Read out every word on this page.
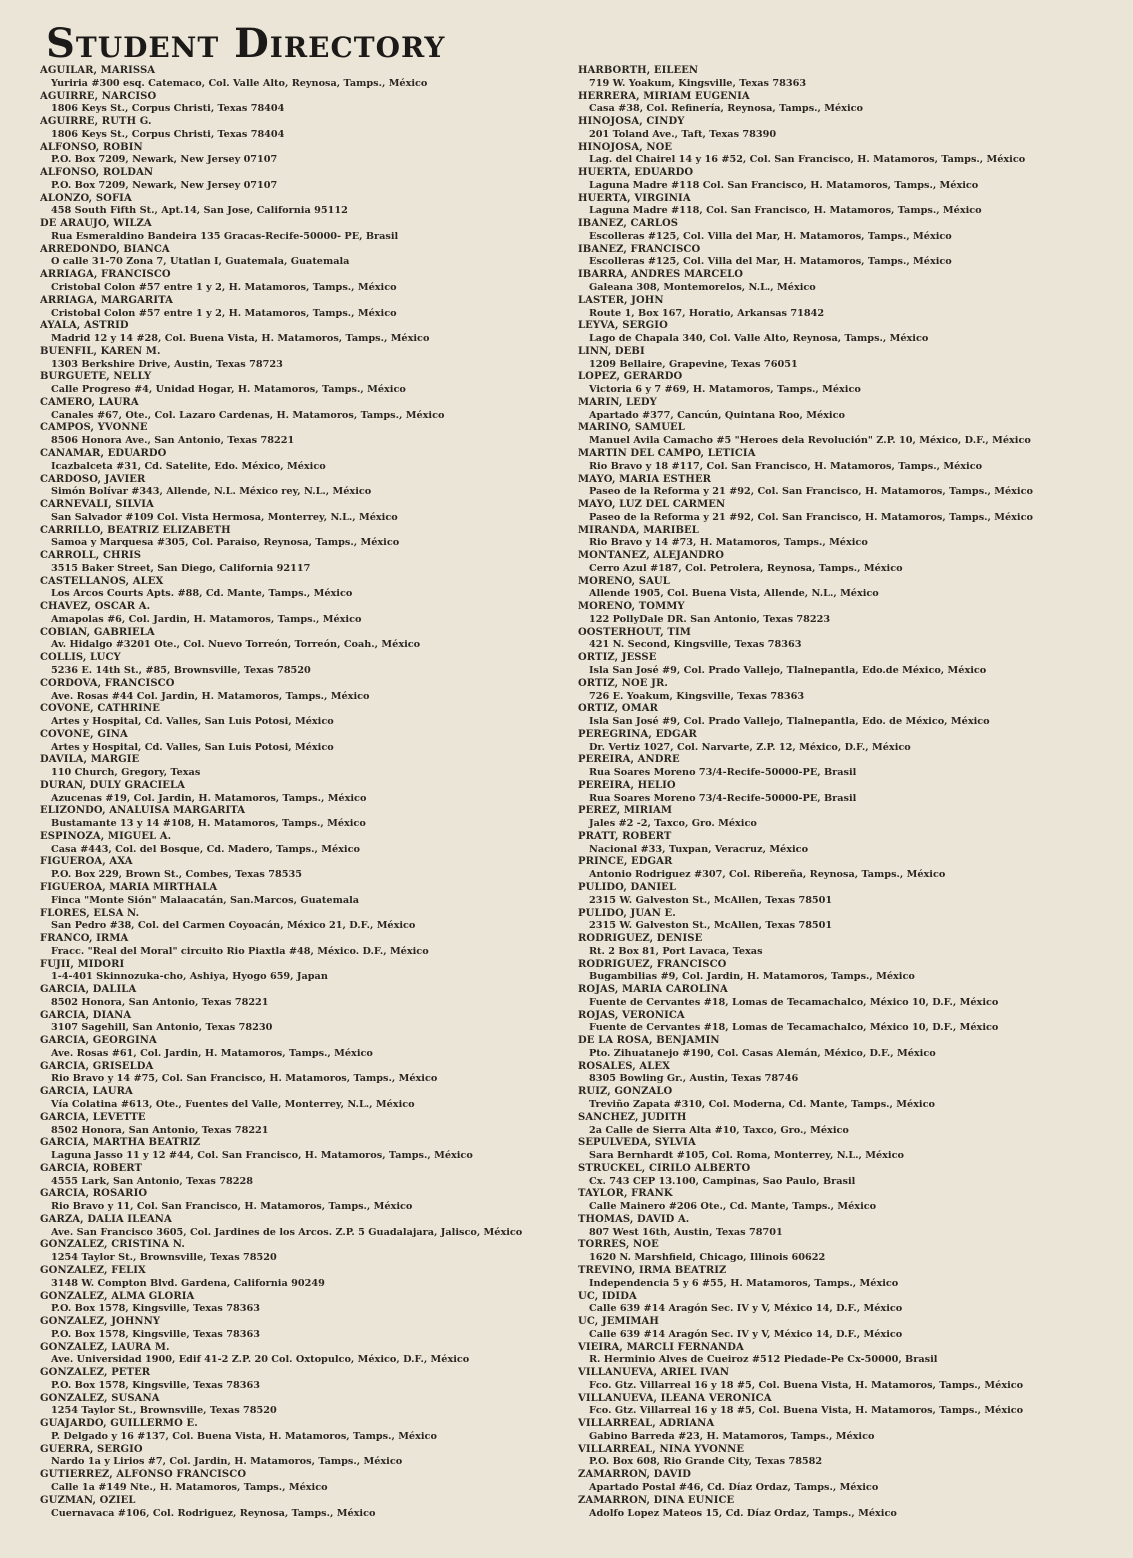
Student Directory
AGUILAR, MARISSA
Yuriria #300 esq. Catemaco, Col. Valle Alto, Reynosa, Tamps., México
AGUIRRE, NARCISO
1806 Keys St., Corpus Christi, Texas 78404
AGUIRRE, RUTH G.
1806 Keys St., Corpus Christi, Texas 78404
ALFONSO, ROBIN
P.O. Box 7209, Newark, New Jersey 07107
ALFONSO, ROLDAN
P.O. Box 7209, Newark, New Jersey 07107
ALONZO, SOFIA
458 South Fifth St., Apt.14, San Jose, California 95112
DE ARAUJO, WILZA
Rua Esmeraldino Bandeira 135 Gracas-Recife-50000- PE, Brasil
ARREDONDO, BIANCA
O calle 31-70 Zona 7, Utatlan I, Guatemala, Guatemala
ARRIAGA, FRANCISCO
Cristobal Colon #57 entre 1 y 2, H. Matamoros, Tamps., México
ARRIAGA, MARGARITA
Cristobal Colon #57 entre 1 y 2, H. Matamoros, Tamps., México
AYALA, ASTRID
Madrid 12 y 14 #28, Col. Buena Vista, H. Matamoros, Tamps., México
BUENFIL, KAREN M.
1303 Berkshire Drive, Austin, Texas 78723
BURGUETE, NELLY
Calle Progreso #4, Unidad Hogar, H. Matamoros, Tamps., México
CAMERO, LAURA
Canales #67, Ote., Col. Lazaro Cardenas, H. Matamoros, Tamps., México
CAMPOS, YVONNE
8506 Honora Ave., San Antonio, Texas 78221
CAÑAMAR, EDUARDO
Icazbalceta #31, Cd. Satelite, Edo. México, México
CARDOSO, JAVIER
Simón Bolívar #343, Allende, N.L. México rey, N.L., México
CARNEVALI, SILVIA
San Salvador #109 Col. Vista Hermosa, Monterrey, N.L., México
CARRILLO, BEATRIZ ELIZABETH
Samoa y Marquesa #305, Col. Paraiso, Reynosa, Tamps., México
CARROLL, CHRIS
3515 Baker Street, San Diego, California 92117
CASTELLANOS, ALEX
Los Arcos Courts Apts. #88, Cd. Mante, Tamps., México
CHAVEZ, OSCAR A.
Amapolas #6, Col. Jardin, H. Matamoros, Tamps., México
COBIAN, GABRIELA
Av. Hidalgo #3201 Ote., Col. Nuevo Torreón, Torreón, Coah., México
COLLIS, LUCY
5236 E. 14th St., #85, Brownsville, Texas 78520
CORDOVA, FRANCISCO
Ave. Rosas #44 Col. Jardin, H. Matamoros, Tamps., México
COVONE, CATHRINE
Artes y Hospital, Cd. Valles, San Luis Potosi, México
COVONE, GINA
Artes y Hospital, Cd. Valles, San Luis Potosi, México
DAVILA, MARGIE
110 Church, Gregory, Texas
DURAN, DULY GRACIELA
Azucenas #19, Col. Jardin, H. Matamoros, Tamps., México
ELIZONDO, ANALUISA MARGARITA
Bustamante 13 y 14 #108, H. Matamoros, Tamps., México
ESPINOZA, MIGUEL A.
Casa #443, Col. del Bosque, Cd. Madero, Tamps., México
FIGUEROA, AXA
P.O. Box 229, Brown St., Combes, Texas 78535
FIGUEROA, MARIA MIRTHALA
Finca "Monte Sión" Malaacatán, San.Marcos, Guatemala
FLORES, ELSA N.
San Pedro #38, Col. del Carmen Coyoacán, México 21, D.F., México
FRANCO, IRMA
Fracc. "Real del Moral" circuito Rio Piaxtla #48, México. D.F., México
FUJII, MIDORI
1-4-401 Skinnozuka-cho, Ashiya, Hyogo 659, Japan
GARCIA, DALILA
8502 Honora, San Antonio, Texas 78221
GARCIA, DIANA
3107 Sagehill, San Antonio, Texas 78230
GARCIA, GEORGINA
Ave. Rosas #61, Col. Jardin, H. Matamoros, Tamps., México
GARCIA, GRISELDA
Rio Bravo y 14 #75, Col. San Francisco, H. Matamoros, Tamps., México
GARCIA, LAURA
Vía Colatina #613, Ote., Fuentes del Valle, Monterrey, N.L., México
GARCIA, LEVETTE
8502 Honora, San Antonio, Texas 78221
GARCIA, MARTHA BEATRIZ
Laguna Jasso 11 y 12 #44, Col. San Francisco, H. Matamoros, Tamps., México
GARCIA, ROBERT
4555 Lark, San Antonio, Texas 78228
GARCIA, ROSARIO
Rio Bravo y 11, Col. San Francisco, H. Matamoros, Tamps., México
GARZA, DALIA ILEANA
Ave. San Francisco 3605, Col. Jardines de los Arcos. Z.P. 5 Guadalajara, Jalisco, México
GONZALEZ, CRISTINA N.
1254 Taylor St., Brownsville, Texas 78520
GONZALEZ, FELIX
3148 W. Compton Blvd. Gardena, California 90249
GONZALEZ, ALMA GLORIA
P.O. Box 1578, Kingsville, Texas 78363
GONZALEZ, JOHNNY
P.O. Box 1578, Kingsville, Texas 78363
GONZALEZ, LAURA M.
Ave. Universidad 1900, Edif 41-2 Z.P. 20 Col. Oxtopulco, México, D.F., México
GONZALEZ, PETER
P.O. Box 1578, Kingsville, Texas 78363
GONZALEZ, SUSANA
1254 Taylor St., Brownsville, Texas 78520
GUAJARDO, GUILLERMO E.
P. Delgado y 16 #137, Col. Buena Vista, H. Matamoros, Tamps., México
GUERRA, SERGIO
Nardo 1a y Lirios #7, Col. Jardin, H. Matamoros, Tamps., México
GUTIERREZ, ALFONSO FRANCISCO
Calle 1a #149 Nte., H. Matamoros, Tamps., México
GUZMAN, OZIEL
Cuernavaca #106, Col. Rodriguez, Reynosa, Tamps., México
HARBORTH, EILEEN
719 W. Yoakum, Kingsville, Texas 78363
HERRERA, MIRIAM EUGENIA
Casa #38, Col. Refinería, Reynosa, Tamps., México
HINOJOSA, CINDY
201 Toland Ave., Taft, Texas 78390
HINOJOSA, NOE
Lag. del Chairel 14 y 16 #52, Col. San Francisco, H. Matamoros, Tamps., México
HUERTA, EDUARDO
Laguna Madre #118 Col. San Francisco, H. Matamoros, Tamps., México
HUERTA, VIRGINIA
Laguna Madre #118, Col. San Francisco, H. Matamoros, Tamps., México
IBAÑEZ, CARLOS
Escolleras #125, Col. Villa del Mar, H. Matamoros, Tamps., México
IBAÑEZ, FRANCISCO
Escolleras #125, Col. Villa del Mar, H. Matamoros, Tamps., México
IBARRA, ANDRES MARCELO
Galeana 308, Montemorelos, N.L., México
LASTER, JOHN
Route 1, Box 167, Horatio, Arkansas 71842
LEYVA, SERGIO
Lago de Chapala 340, Col. Valle Alto, Reynosa, Tamps., México
LINN, DEBI
1209 Bellaire, Grapevine, Texas 76051
LOPEZ, GERARDO
Victoria 6 y 7 #69, H. Matamoros, Tamps., México
MARIN, LEDY
Apartado #377, Cancún, Quintana Roo, México
MARINO, SAMUEL
Manuel Avila Camacho #5 "Heroes dela Revolución" Z.P. 10, México, D.F., México
MARTIN DEL CAMPO, LETICIA
Rio Bravo y 18 #117, Col. San Francisco, H. Matamoros, Tamps., México
MAYO, MARIA ESTHER
Paseo de la Reforma y 21 #92, Col. San Francisco, H. Matamoros, Tamps., México
MAYO, LUZ DEL CARMEN
Paseo de la Reforma y 21 #92, Col. San Francisco, H. Matamoros, Tamps., México
MIRANDA, MARIBEL
Rio Bravo y 14 #73, H. Matamoros, Tamps., México
MONTAÑEZ, ALEJANDRO
Cerro Azul #187, Col. Petrolera, Reynosa, Tamps., México
MORENO, SAUL
Allende 1905, Col. Buena Vista, Allende, N.L., México
MORENO, TOMMY
122 PollyDale DR. San Antonio, Texas 78223
OOSTERHOUT, TIM
421 N. Second, Kingsville, Texas 78363
ORTIZ, JESSE
Isla San José #9, Col. Prado Vallejo, Tlalnepantla, Edo.de México, México
ORTIZ, NOE JR.
726 E. Yoakum, Kingsville, Texas 78363
ORTIZ, OMAR
Isla San José #9, Col. Prado Vallejo, Tlalnepantla, Edo. de México, México
PEREGRINA, EDGAR
Dr. Vertiz 1027, Col. Narvarte, Z.P. 12, México, D.F., México
PEREIRA, ANDRE
Rua Soares Moreno 73/4-Recife-50000-PE, Brasil
PEREIRA, HELIO
Rua Soares Moreno 73/4-Recife-50000-PE, Brasil
PEREZ, MIRIAM
Jales #2 -2, Taxco, Gro. México
PRATT, ROBERT
Nacional #33, Tuxpan, Veracruz, México
PRINCE, EDGAR
Antonio Rodriguez #307, Col. Ribereña, Reynosa, Tamps., México
PULIDO, DANIEL
2315 W. Galveston St., McAllen, Texas 78501
PULIDO, JUAN E.
2315 W. Galveston St., McAllen, Texas 78501
RODRIGUEZ, DENISE
Rt. 2 Box 81, Port Lavaca, Texas
RODRIGUEZ, FRANCISCO
Bugambilias #9, Col. Jardin, H. Matamoros, Tamps., México
ROJAS, MARIA CAROLINA
Fuente de Cervantes #18, Lomas de Tecamachalco, México 10, D.F., México
ROJAS, VERONICA
Fuente de Cervantes #18, Lomas de Tecamachalco, México 10, D.F., México
DE LA ROSA, BENJAMIN
Pto. Zihuatanejo #190, Col. Casas Alemán, México, D.F., México
ROSALES, ALEX
8305 Bowling Gr., Austin, Texas 78746
RUIZ, GONZALO
Treviño Zapata #310, Col. Moderna, Cd. Mante, Tamps., México
SANCHEZ, JUDITH
2a Calle de Sierra Alta #10, Taxco, Gro., México
SEPULVEDA, SYLVIA
Sara Bernhardt #105, Col. Roma, Monterrey, N.L., México
STRUCKEL, CIRILO ALBERTO
Cx. 743 CEP 13.100, Campinas, Sao Paulo, Brasil
TAYLOR, FRANK
Calle Mainero #206 Ote., Cd. Mante, Tamps., México
THOMAS, DAVID A.
807 West 16th, Austin, Texas 78701
TORRES, NOE
1620 N. Marshfield, Chicago, Illinois 60622
TREVIÑO, IRMA BEATRIZ
Independencia 5 y 6 #55, H. Matamoros, Tamps., México
UC, IDIDA
Calle 639 #14 Aragón Sec. IV y V, México 14, D.F., México
UC, JEMIMAH
Calle 639 #14 Aragón Sec. IV y V, México 14, D.F., México
VIEIRA, MARCLI FERNANDA
R. Herminio Alves de Cueiroz #512 Piedade-Pe Cx-50000, Brasil
VILLANUEVA, ARIEL IVAN
Fco. Gtz. Villarreal 16 y 18 #5, Col. Buena Vista, H. Matamoros, Tamps., México
VILLANUEVA, ILEANA VERONICA
Fco. Gtz. Villarreal 16 y 18 #5, Col. Buena Vista, H. Matamoros, Tamps., México
VILLARREAL, ADRIANA
Gabino Barreda #23, H. Matamoros, Tamps., México
VILLARREAL, NINA YVONNE
P.O. Box 608, Rio Grande City, Texas 78582
ZAMARRON, DAVID
Apartado Postal #46, Cd. Díaz Ordaz, Tamps., México
ZAMARRON, DINA EUNICE
Adolfo Lopez Mateos 15, Cd. Díaz Ordaz, Tamps., México
